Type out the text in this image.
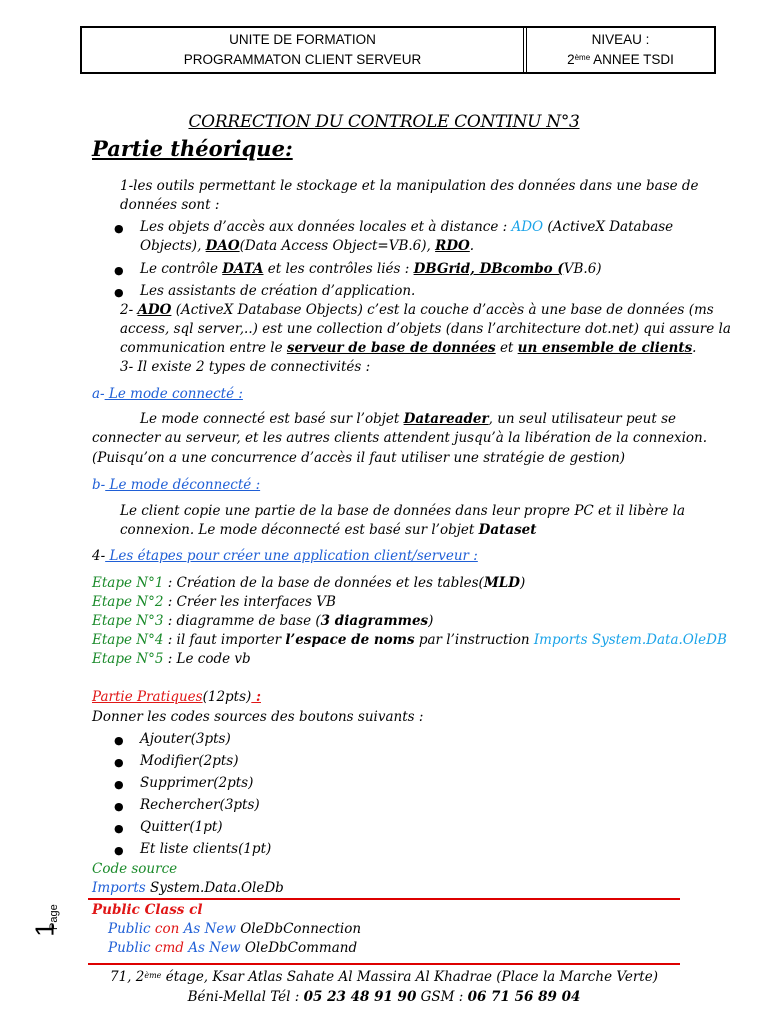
UNITE DE FORMATION
PROGRAMMATON CLIENT SERVEUR
NIVEAU :
2ème ANNEE TSDI

CORRECTION DU CONTROLE CONTINU N°3
Partie théorique:
1-les outils permettant le stockage et la manipulation des données dans une base de
données sont :
● Les objets d’accès aux données locales et à distance : ADO (ActiveX Database
Objects), DAO(Data Access Object=VB.6), RDO.
● Le contrôle DATA et les contrôles liés : DBGrid, DBcombo (VB.6)
● Les assistants de création d’application.
2- ADO (ActiveX Database Objects) c’est la couche d’accès à une base de données (ms
access, sql server,..) est une collection d’objets (dans l’architecture dot.net) qui assure la
communication entre le serveur de base de données et un ensemble de clients.
3- Il existe 2 types de connectivités :
a- Le mode connecté :
Le mode connecté est basé sur l’objet Datareader, un seul utilisateur peut se
connecter au serveur, et les autres clients attendent jusqu’à la libération de la connexion.
(Puisqu’on a une concurrence d’accès il faut utiliser une stratégie de gestion)
b- Le mode déconnecté :
Le client copie une partie de la base de données dans leur propre PC et il libère la
connexion. Le mode déconnecté est basé sur l’objet Dataset
4- Les étapes pour créer une application client/serveur :
Etape N°1 : Création de la base de données et les tables(MLD)
Etape N°2 : Créer les interfaces VB
Etape N°3 : diagramme de base (3 diagrammes)
Etape N°4 : il faut importer l’espace de noms par l’instruction Imports System.Data.OleDB
Etape N°5 : Le code vb
Partie Pratiques(12pts) :
Donner les codes sources des boutons suivants :
● Ajouter(3pts)
● Modifier(2pts)
● Supprimer(2pts)
● Rechercher(3pts)
● Quitter(1pt)
● Et liste clients(1pt)
Code source
Imports System.Data.OleDb
Public Class cl
Public con As New OleDbConnection
Public cmd As New OleDbCommand
71, 2ème étage, Ksar Atlas Sahate Al Massira Al Khadrae (Place la Marche Verte)
Béni-Mellal Tél : 05 23 48 91 90 GSM : 06 71 56 89 04
Page
1
